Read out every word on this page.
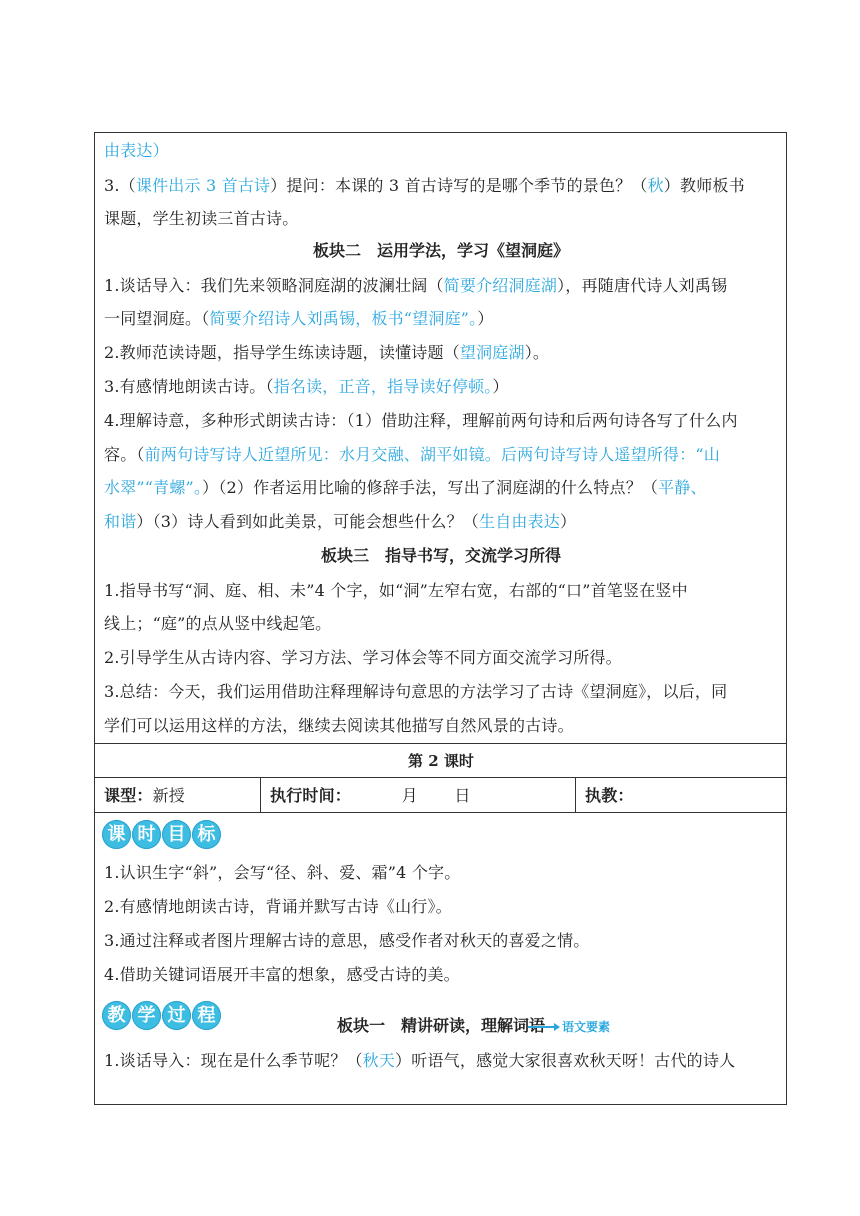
由表达）
3.（课件出示 3 首古诗）提问：本课的 3 首古诗写的是哪个季节的景色？（秋）教师板书
课题，学生初读三首古诗。
板块二　运用学法，学习《望洞庭》
1.谈话导入：我们先来领略洞庭湖的波澜壮阔（简要介绍洞庭湖），再随唐代诗人刘禹锡
一同望洞庭。（简要介绍诗人刘禹锡，板书“望洞庭”。）
2.教师范读诗题，指导学生练读诗题，读懂诗题（望洞庭湖）。
3.有感情地朗读古诗。（指名读，正音，指导读好停顿。）
4.理解诗意，多种形式朗读古诗：（1）借助注释，理解前两句诗和后两句诗各写了什么内
容。（前两句诗写诗人近望所见：水月交融、湖平如镜。后两句诗写诗人遥望所得：“山
水翠”“青螺”。）（2）作者运用比喻的修辞手法，写出了洞庭湖的什么特点？（平静、
和谐）（3）诗人看到如此美景，可能会想些什么？（生自由表达）
板块三　指导书写，交流学习所得
1.指导书写“洞、庭、相、未”4 个字，如“洞”左窄右宽，右部的“口”首笔竖在竖中
线上；“庭”的点从竖中线起笔。
2.引导学生从古诗内容、学习方法、学习体会等不同方面交流学习所得。
3.总结：今天，我们运用借助注释理解诗句意思的方法学习了古诗《望洞庭》，以后，同
学们可以运用这样的方法，继续去阅读其他描写自然风景的古诗。
第 2 课时
课型：新授	执行时间：	月 日	执教：
课 时 目 标
1.认识生字“斜”，会写“径、斜、爱、霜”4 个字。
2.有感情地朗读古诗，背诵并默写古诗《山行》。
3.通过注释或者图片理解古诗的意思，感受作者对秋天的喜爱之情。
4.借助关键词语展开丰富的想象，感受古诗的美。
教 学 过 程	板块一　精讲研读，理解词语	语文要素
1.谈话导入：现在是什么季节呢？（秋天）听语气，感觉大家很喜欢秋天呀！古代的诗人
